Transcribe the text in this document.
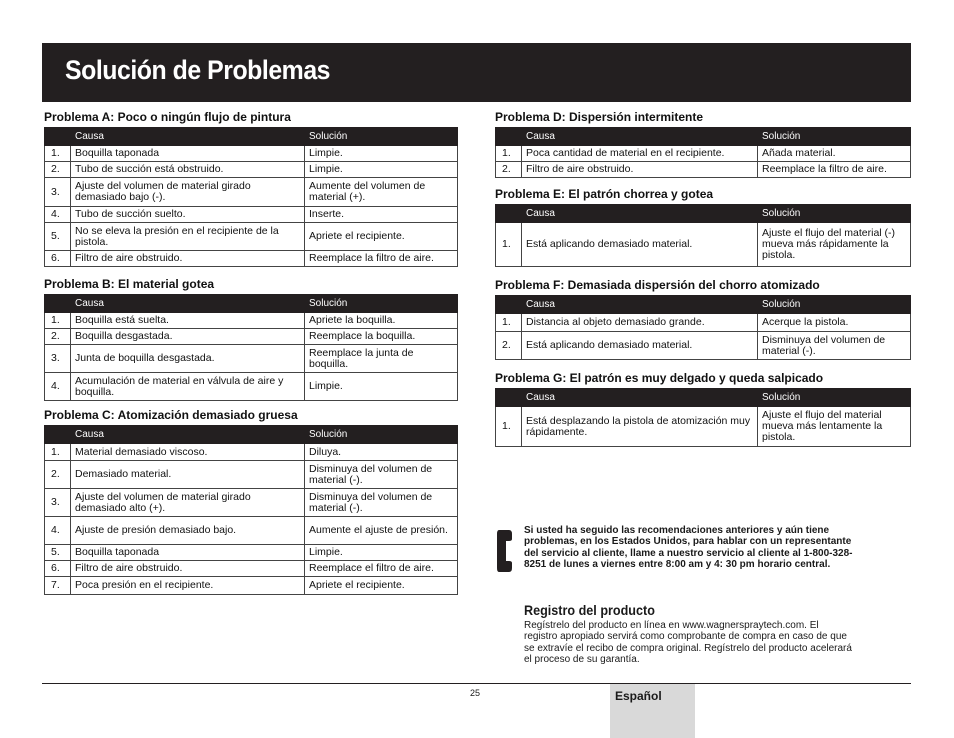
Solución de Problemas
Problema A: Poco o ningún flujo de pintura
	Causa	Solución
1.	Boquilla taponada	Limpie.
2.	Tubo de succión está obstruido.	Limpie.
3.	Ajuste del volumen de material girado demasiado bajo (-).	Aumente del volumen de material (+).
4.	Tubo de succión suelto.	Inserte.
5.	No se eleva la presión en el recipiente de la pistola.	Apriete el recipiente.
6.	Filtro de aire obstruido.	Reemplace la filtro de aire.
Problema B: El material gotea
	Causa	Solución
1.	Boquilla está suelta.	Apriete la boquilla.
2.	Boquilla desgastada.	Reemplace la boquilla.
3.	Junta de boquilla desgastada.	Reemplace la junta de boquilla.
4.	Acumulación de material en válvula de aire y boquilla.	Limpie.
Problema C: Atomización demasiado gruesa
	Causa	Solución
1.	Material demasiado viscoso.	Diluya.
2.	Demasiado material.	Disminuya del volumen de material (-).
3.	Ajuste del volumen de material girado demasiado alto (+).	Disminuya del volumen de material (-).
4.	Ajuste de presión demasiado bajo.	Aumente el ajuste de presión.
5.	Boquilla taponada	Limpie.
6.	Filtro de aire obstruido.	Reemplace el filtro de aire.
7.	Poca presión en el recipiente.	Apriete el recipiente.
Problema D: Dispersión intermitente
	Causa	Solución
1.	Poca cantidad de material en el recipiente.	Añada material.
2.	Filtro de aire obstruido.	Reemplace la filtro de aire.
Problema E: El patrón chorrea y gotea
	Causa	Solución
1.	Está aplicando demasiado material.	Ajuste el flujo del material (-) mueva más rápidamente la pistola.
Problema F: Demasiada dispersión del chorro atomizado
	Causa	Solución
1.	Distancia al objeto demasiado grande.	Acerque la pistola.
2.	Está aplicando demasiado material.	Disminuya del volumen de material (-).
Problema G: El patrón es muy delgado y queda salpicado
	Causa	Solución
1.	Está desplazando la pistola de atomización muy rápidamente.	Ajuste el flujo del material mueva más lentamente la pistola.
Si usted ha seguido las recomendaciones anteriores y aún tiene problemas, en los Estados Unidos, para hablar con un representante del servicio al cliente, llame a nuestro servicio al cliente al 1-800-328-8251 de lunes a viernes entre 8:00 am y 4: 30 pm horario central.
Registro del producto

Regístrelo del producto en línea en www.wagnerspraytech.com. El registro apropiado servirá como comprobante de compra en caso de que se extravíe el recibo de compra original. Regístrelo del producto acelerará el proceso de su garantía.

25	Español
